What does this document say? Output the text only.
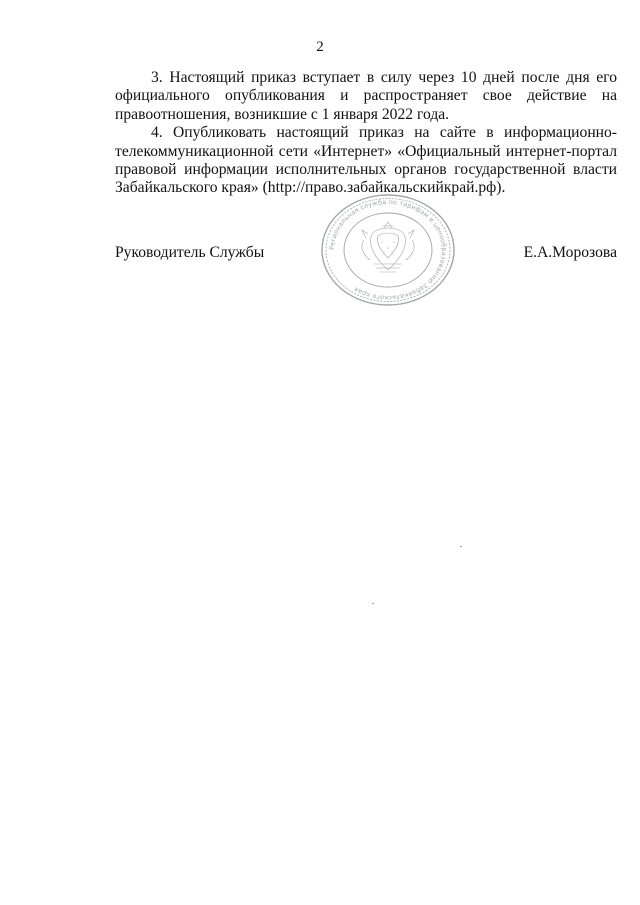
2

3. Настоящий приказ вступает в силу через 10 дней после дня его официального опубликования и распространяет свое действие на правоотношения, возникшие с 1 января 2022 года.

4. Опубликовать настоящий приказ на сайте в информационно-телекоммуникационной сети «Интернет» «Официальный интернет-портал правовой информации исполнительных органов государственной власти Забайкальского края» (http://право.забайкальскийкрай.рф).

Руководитель Службы	Е.А.Морозова
Региональная служба по тарифам и ценообразованию Забайкальского края
